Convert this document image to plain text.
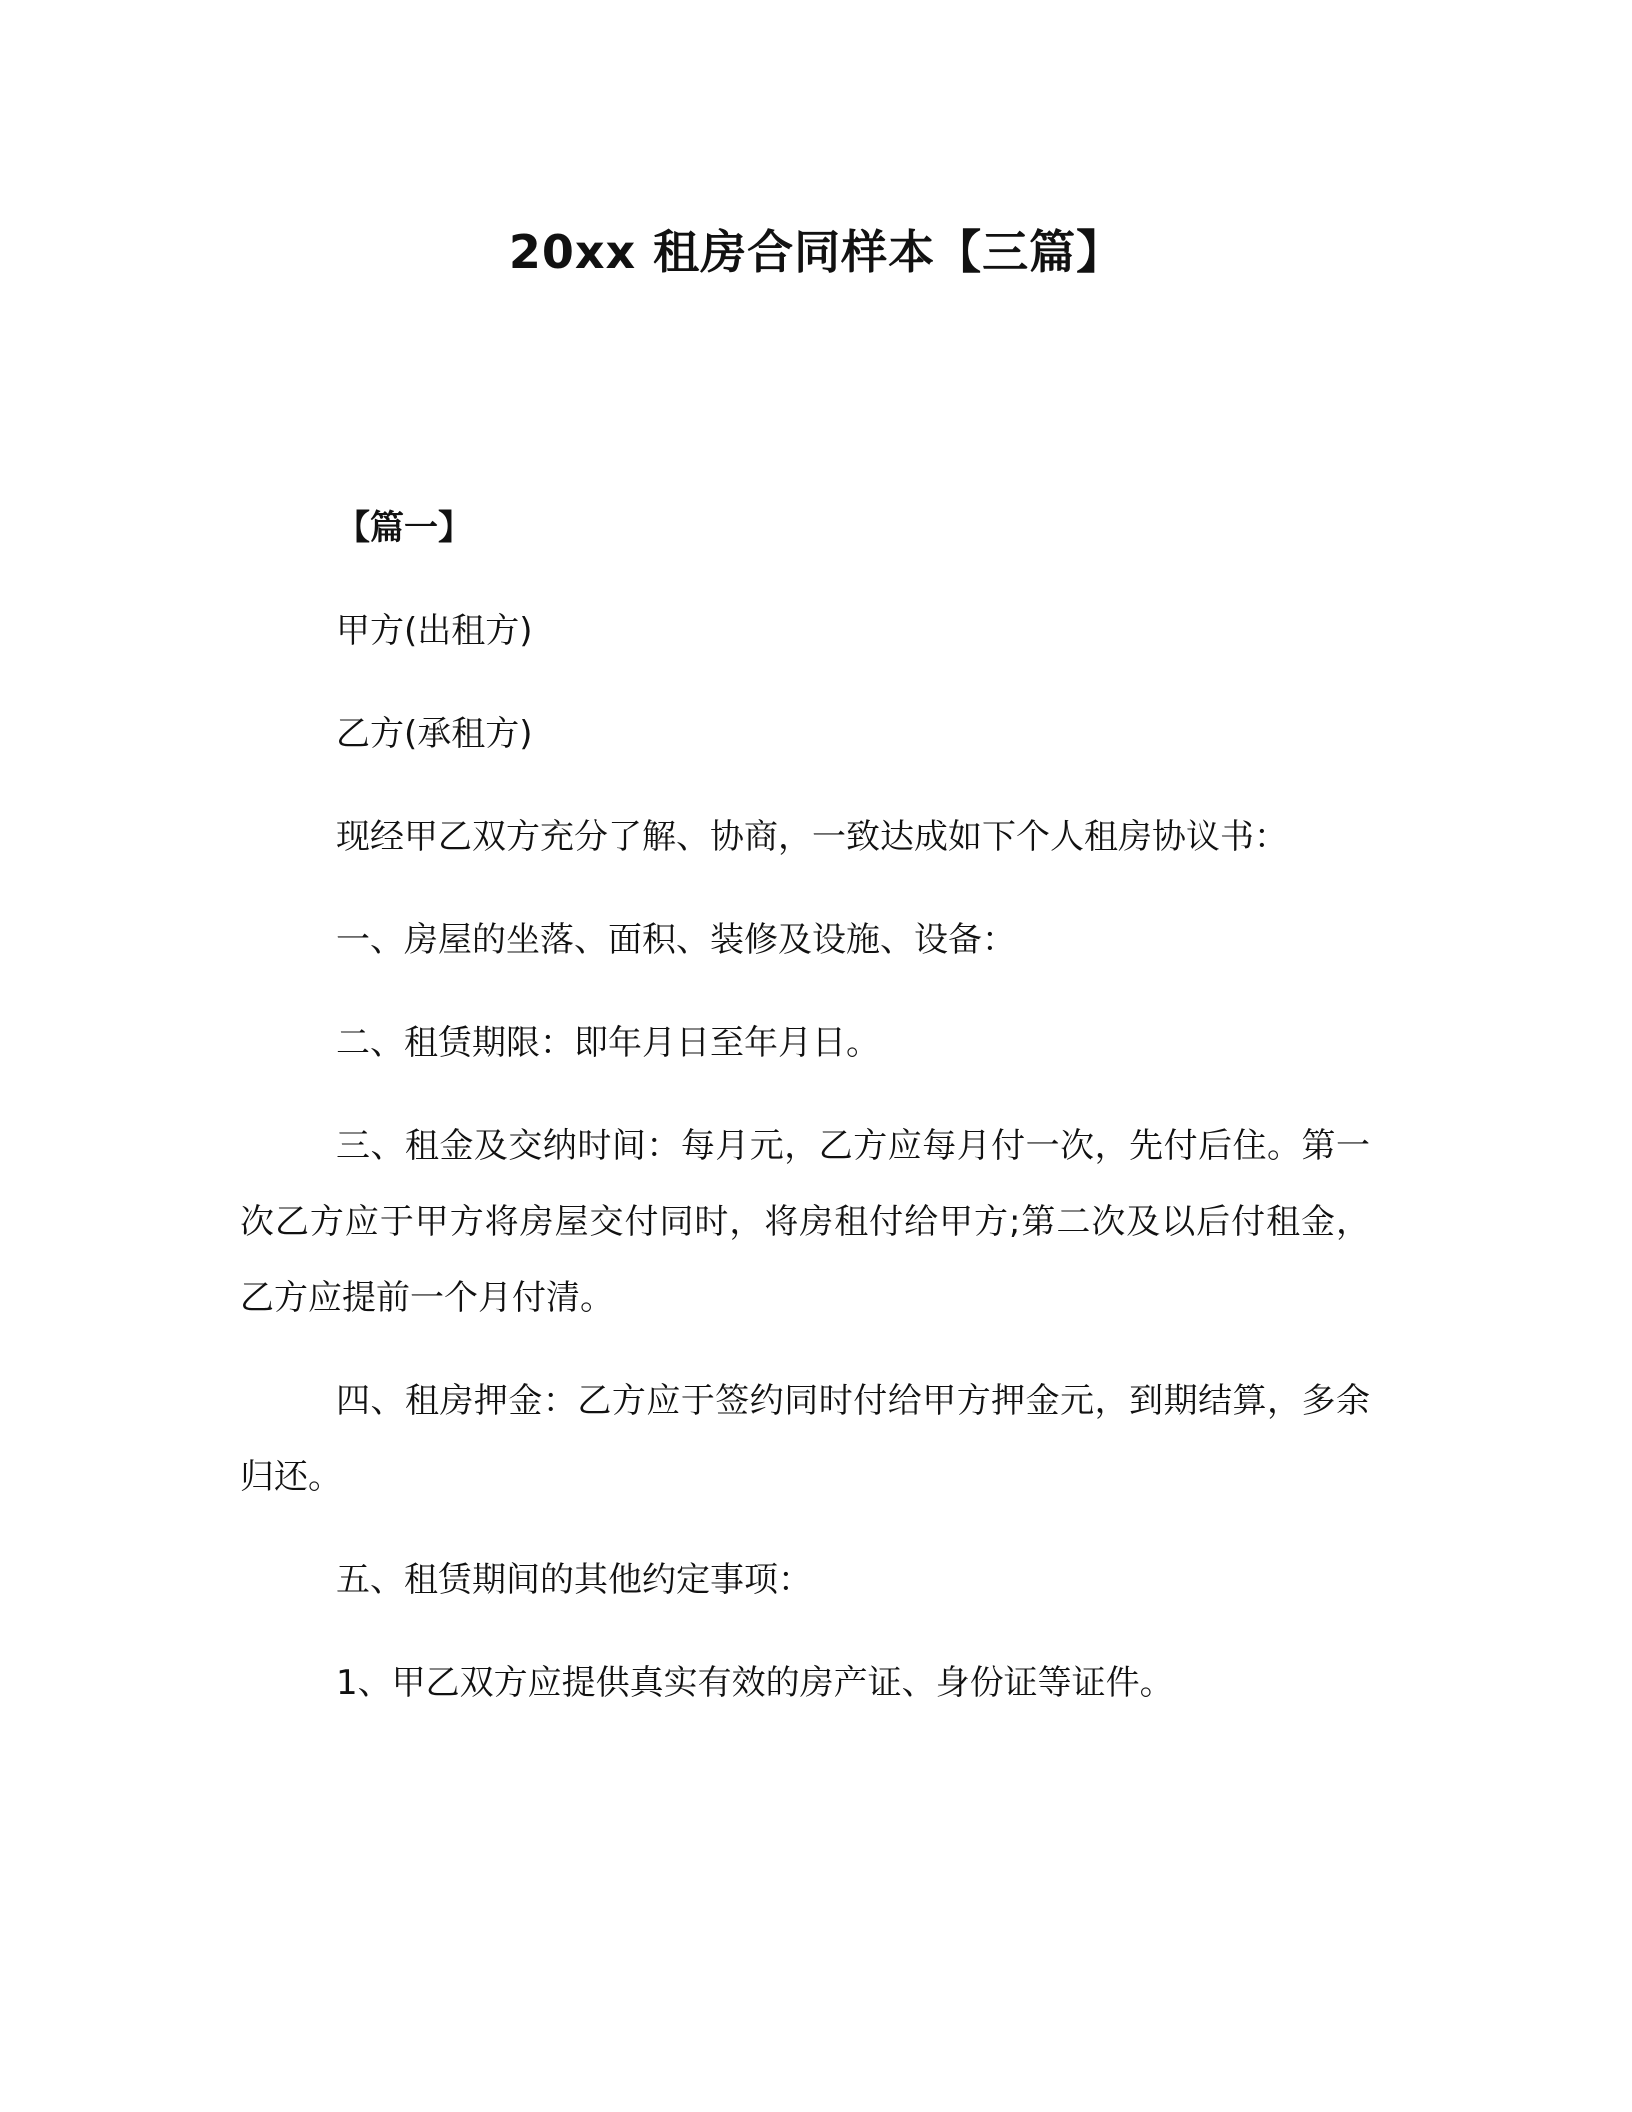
20xx 租房合同样本【三篇】

【篇一】

甲方(出租方)

乙方(承租方)

现经甲乙双方充分了解、协商，一致达成如下个人租房协议书：

一、房屋的坐落、面积、装修及设施、设备：

二、租赁期限：即年月日至年月日。

三、租金及交纳时间：每月元，乙方应每月付一次，先付后住。第一次乙方应于甲方将房屋交付同时，将房租付给甲方;第二次及以后付租金，乙方应提前一个月付清。

四、租房押金：乙方应于签约同时付给甲方押金元，到期结算，多余归还。

五、租赁期间的其他约定事项：

1、甲乙双方应提供真实有效的房产证、身份证等证件。
